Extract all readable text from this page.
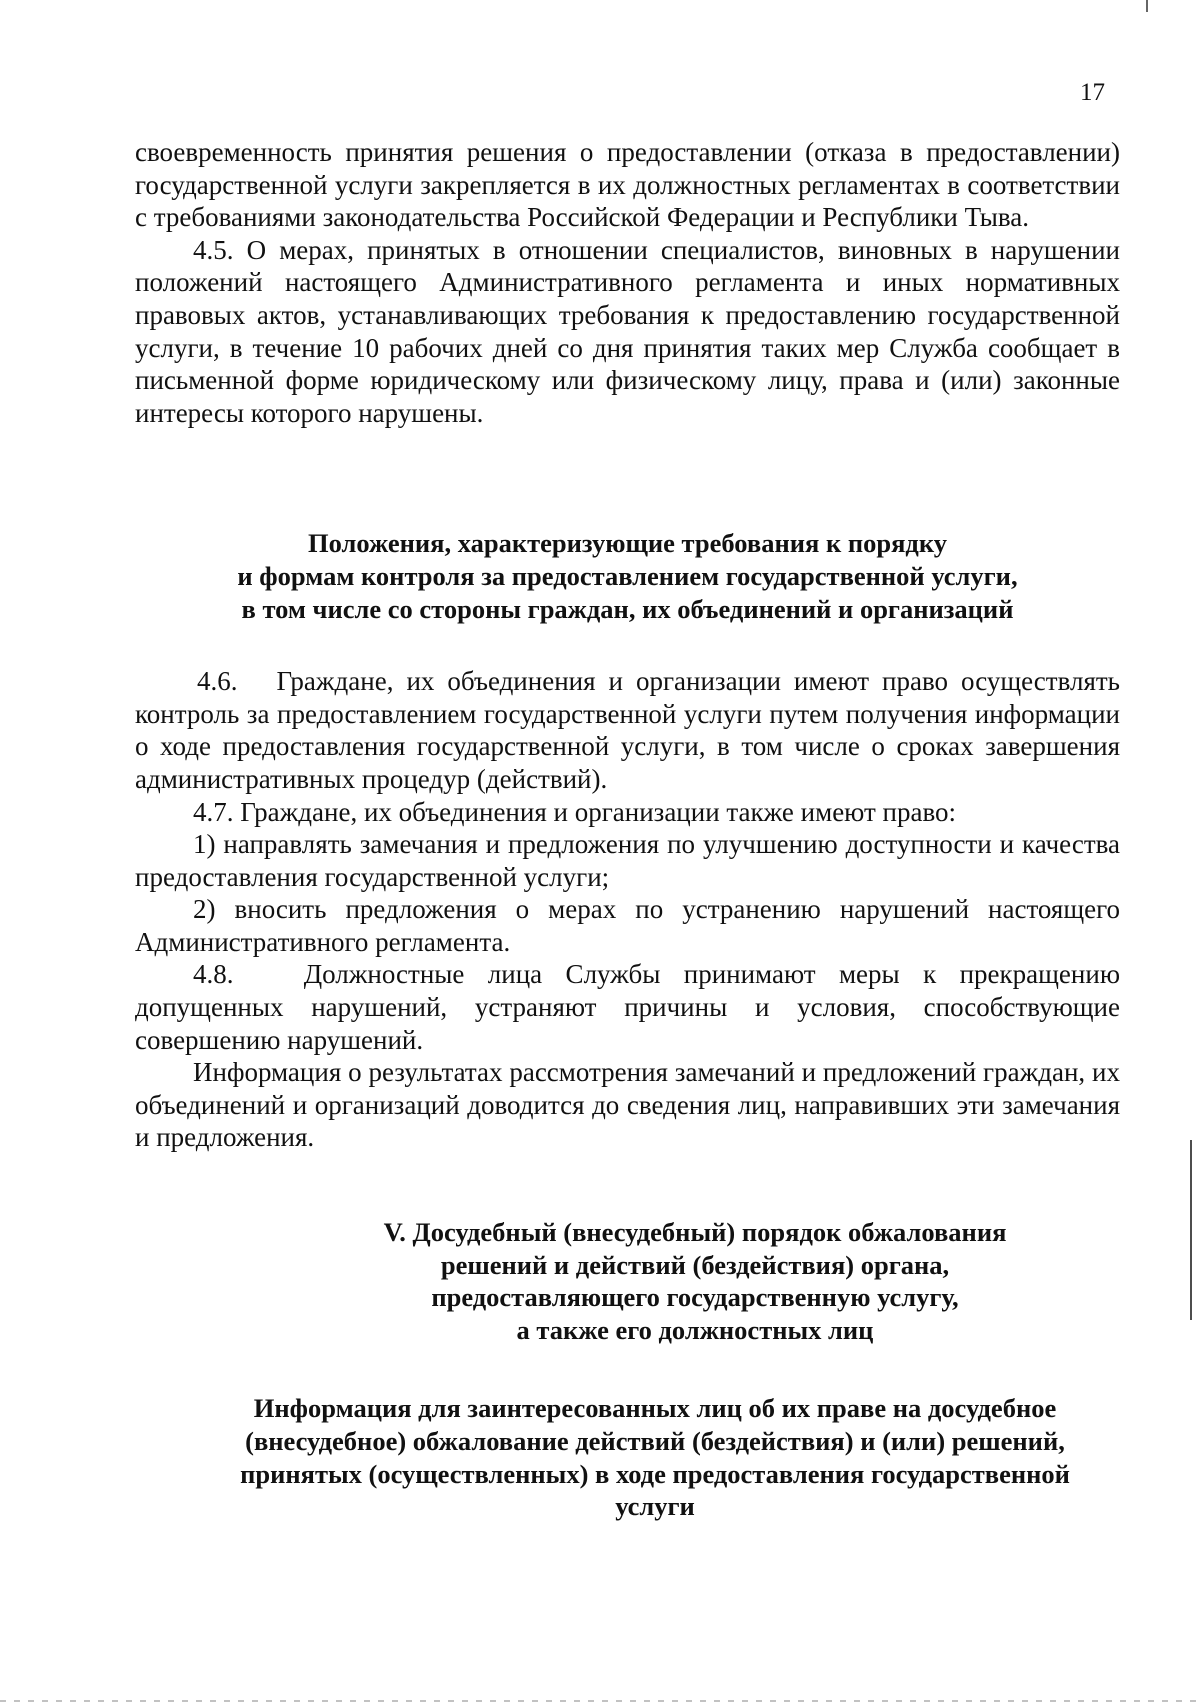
17

своевременность принятия решения о предоставлении (отказа в предоставлении) государственной услуги закрепляется в их должностных регламентах в соответствии с требованиями законодательства Российской Федерации и Республики Тыва.

4.5. О мерах, принятых в отношении специалистов, виновных в нарушении положений настоящего Административного регламента и иных нормативных правовых актов, устанавливающих требования к предоставлению государственной услуги, в течение 10 рабочих дней со дня принятия таких мер Служба сообщает в письменной форме юридическому или физическому лицу, права и (или) законные интересы которого нарушены.

Положения, характеризующие требования к порядку
и формам контроля за предоставлением государственной услуги,
в том числе со стороны граждан, их объединений и организаций

4.6.   Граждане, их объединения и организации имеют право осуществлять контроль за предоставлением государственной услуги путем получения информации о ходе предоставления государственной услуги, в том числе о сроках завершения административных процедур (действий).

4.7. Граждане, их объединения и организации также имеют право:

1) направлять замечания и предложения по улучшению доступности и качества предоставления государственной услуги;

2) вносить предложения о мерах по устранению нарушений настоящего Административного регламента.

4.8.   Должностные лица Службы принимают меры к прекращению допущенных нарушений, устраняют причины и условия, способствующие совершению нарушений.

Информация о результатах рассмотрения замечаний и предложений граждан, их объединений и организаций доводится до сведения лиц, направивших эти замечания и предложения.

V. Досудебный (внесудебный) порядок обжалования
решений и действий (бездействия) органа,
предоставляющего государственную услугу,
а также его должностных лиц
Информация для заинтересованных лиц об их праве на досудебное
(внесудебное) обжалование действий (бездействия) и (или) решений,
принятых (осуществленных) в ходе предоставления государственной
услуги
